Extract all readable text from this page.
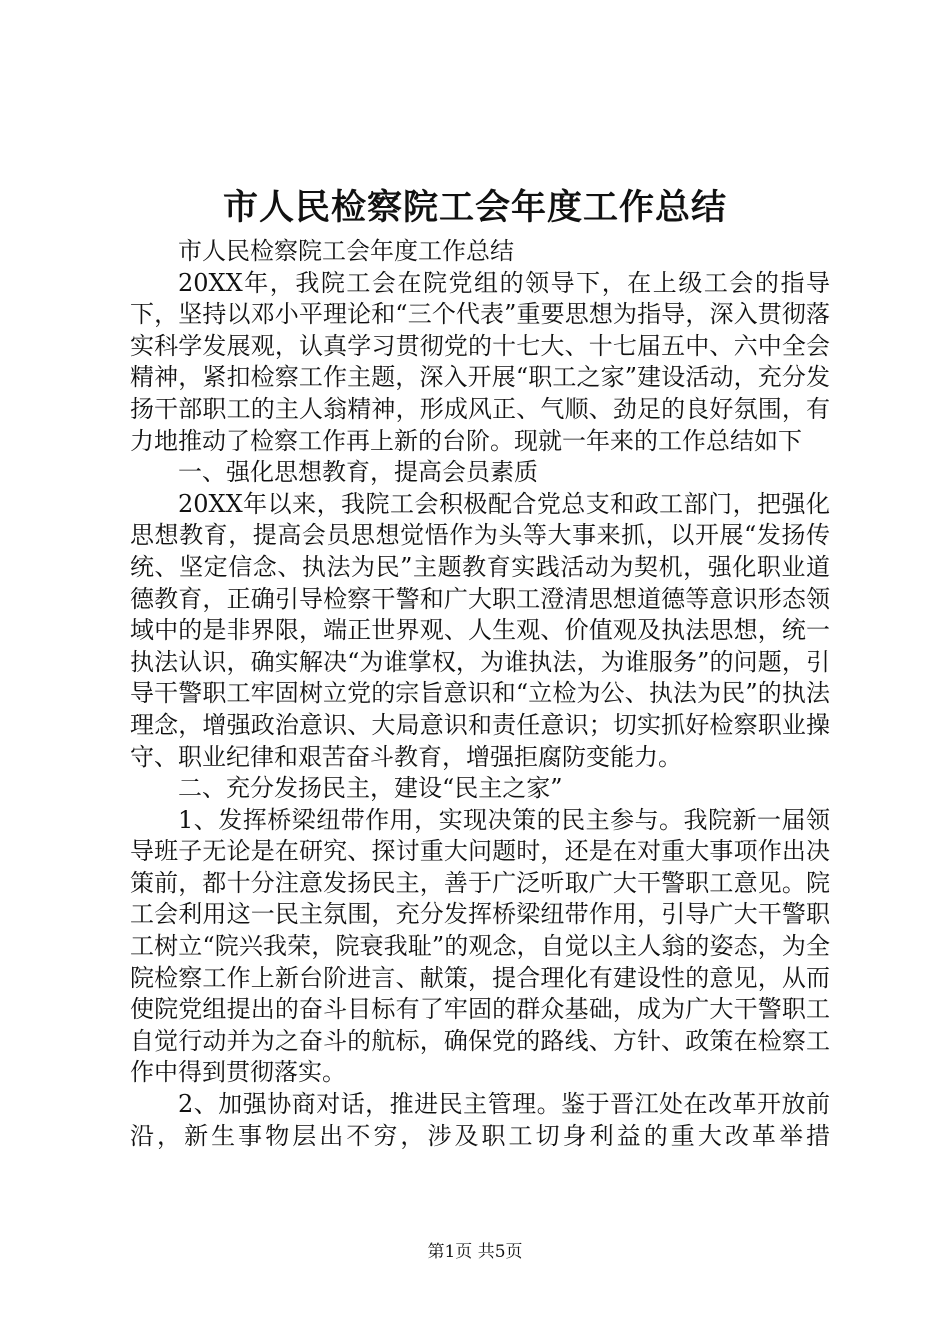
市人民检察院工会年度工作总结

市人民检察院工会年度工作总结

20XX年，我院工会在院党组的领导下，在上级工会的指导下，坚持以邓小平理论和“三个代表”重要思想为指导，深入贯彻落实科学发展观，认真学习贯彻党的十七大、十七届五中、六中全会精神，紧扣检察工作主题，深入开展“职工之家”建设活动，充分发扬干部职工的主人翁精神，形成风正、气顺、劲足的良好氛围，有力地推动了检察工作再上新的台阶。现就一年来的工作总结如下

一、强化思想教育，提高会员素质

20XX年以来，我院工会积极配合党总支和政工部门，把强化思想教育，提高会员思想觉悟作为头等大事来抓，以开展“发扬传统、坚定信念、执法为民”主题教育实践活动为契机，强化职业道德教育，正确引导检察干警和广大职工澄清思想道德等意识形态领域中的是非界限，端正世界观、人生观、价值观及执法思想，统一执法认识，确实解决“为谁掌权，为谁执法，为谁服务”的问题，引导干警职工牢固树立党的宗旨意识和“立检为公、执法为民”的执法理念，增强政治意识、大局意识和责任意识；切实抓好检察职业操守、职业纪律和艰苦奋斗教育，增强拒腐防变能力。

二、充分发扬民主，建设“民主之家”

1、发挥桥梁纽带作用，实现决策的民主参与。我院新一届领导班子无论是在研究、探讨重大问题时，还是在对重大事项作出决策前，都十分注意发扬民主，善于广泛听取广大干警职工意见。院工会利用这一民主氛围，充分发挥桥梁纽带作用，引导广大干警职工树立“院兴我荣，院衰我耻”的观念，自觉以主人翁的姿态，为全院检察工作上新台阶进言、献策，提合理化有建设性的意见，从而使院党组提出的奋斗目标有了牢固的群众基础，成为广大干警职工自觉行动并为之奋斗的航标，确保党的路线、方针、政策在检察工作中得到贯彻落实。

2、加强协商对话，推进民主管理。鉴于晋江处在改革开放前沿，新生事物层出不穷，涉及职工切身利益的重大改革举措

第1页 共5页
